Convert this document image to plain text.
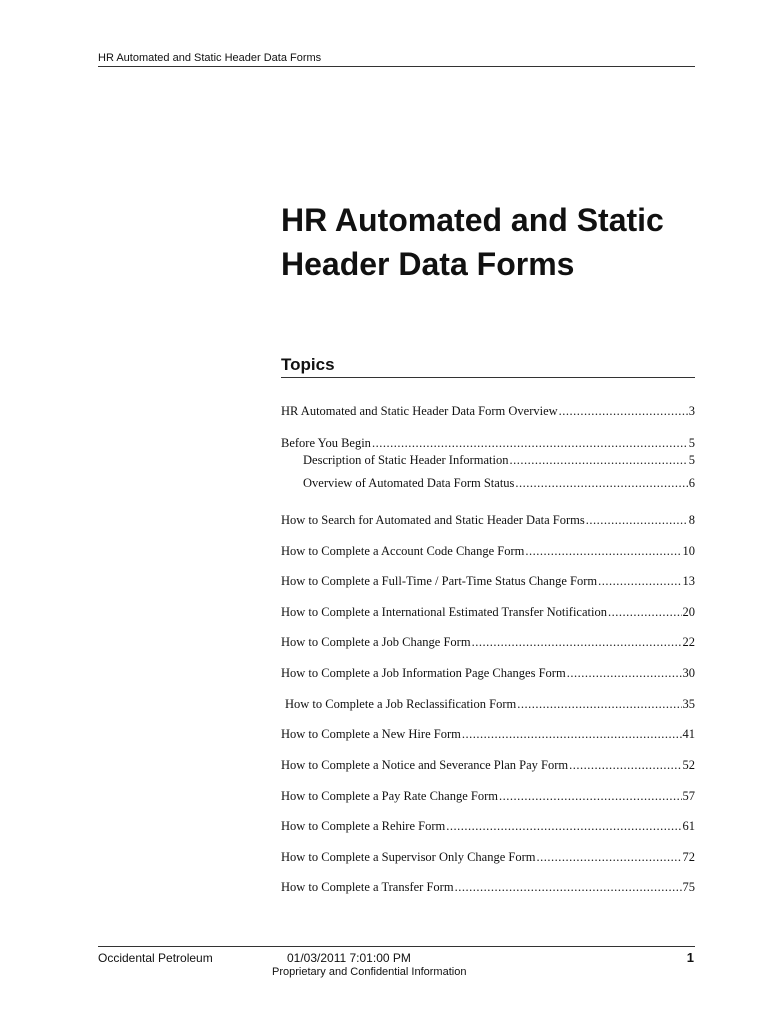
HR Automated and Static Header Data Forms
HR Automated and Static
Header Data Forms
Topics
HR Automated and Static Header Data Form Overview .....	3
Before You Begin .....	5
Description of Static Header Information .....	5
Overview of Automated Data Form Status .....	6
How to Search for Automated and Static Header Data Forms .....	8
How to Complete a Account Code Change Form .....	10
How to Complete a Full-Time / Part-Time Status Change Form .....	13
How to Complete a International Estimated Transfer Notification .....	20
How to Complete a Job Change Form .....	22
How to Complete a Job Information Page Changes Form .....	30
How to Complete a Job Reclassification Form .....	35
How to Complete a New Hire Form .....	41
How to Complete a Notice and Severance Plan Pay Form .....	52
How to Complete a Pay Rate Change Form .....	57
How to Complete a Rehire Form .....	61
How to Complete a Supervisor Only Change Form .....	72
How to Complete a Transfer Form .....	75
Occidental Petroleum	01/03/2011 7:01:00 PM
Proprietary and Confidential Information
1
